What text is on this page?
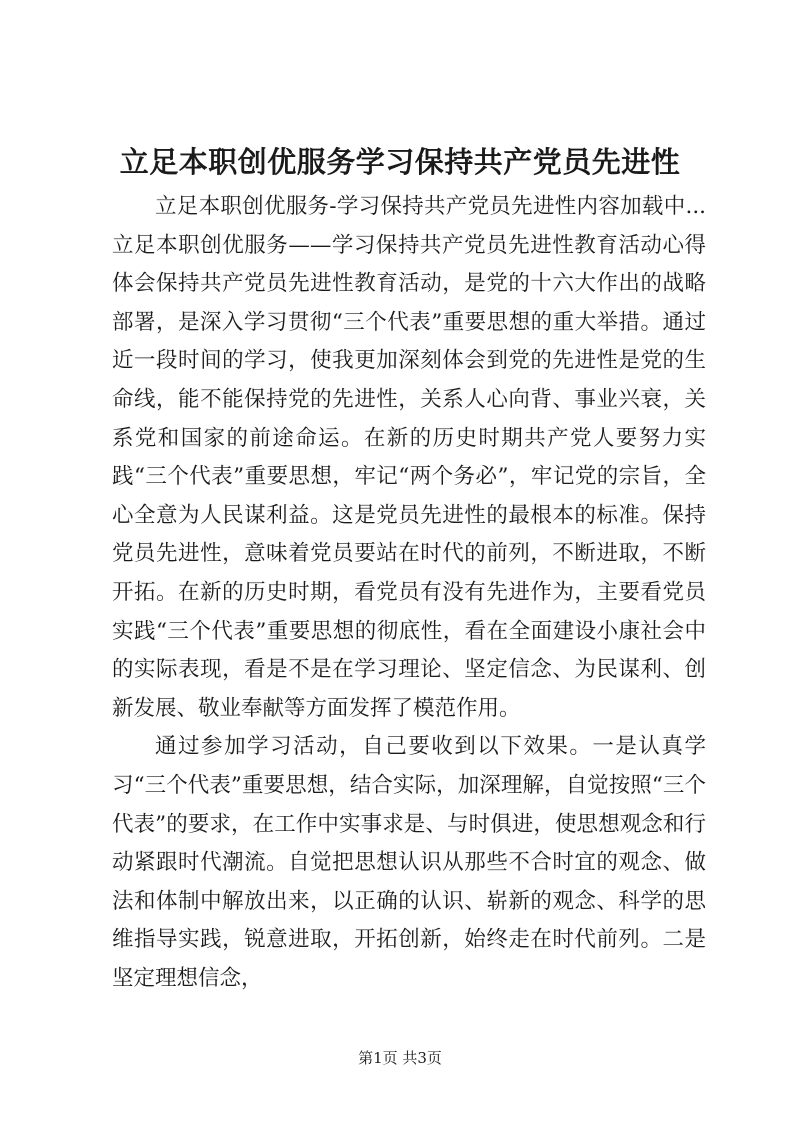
立足本职创优服务学习保持共产党员先进性

立足本职创优服务-学习保持共产党员先进性内容加载中...立足本职创优服务——学习保持共产党员先进性教育活动心得体会保持共产党员先进性教育活动，是党的十六大作出的战略部署，是深入学习贯彻“三个代表”重要思想的重大举措。通过近一段时间的学习，使我更加深刻体会到党的先进性是党的生命线，能不能保持党的先进性，关系人心向背、事业兴衰，关系党和国家的前途命运。在新的历史时期共产党人要努力实践“三个代表”重要思想，牢记“两个务必”，牢记党的宗旨，全心全意为人民谋利益。这是党员先进性的最根本的标准。保持党员先进性，意味着党员要站在时代的前列，不断进取，不断开拓。在新的历史时期，看党员有没有先进作为，主要看党员实践“三个代表”重要思想的彻底性，看在全面建设小康社会中的实际表现，看是不是在学习理论、坚定信念、为民谋利、创新发展、敬业奉献等方面发挥了模范作用。

通过参加学习活动，自己要收到以下效果。一是认真学习“三个代表”重要思想，结合实际，加深理解，自觉按照“三个代表”的要求，在工作中实事求是、与时俱进，使思想观念和行动紧跟时代潮流。自觉把思想认识从那些不合时宜的观念、做法和体制中解放出来，以正确的认识、崭新的观念、科学的思维指导实践，锐意进取，开拓创新，始终走在时代前列。二是坚定理想信念，

第1页 共3页
